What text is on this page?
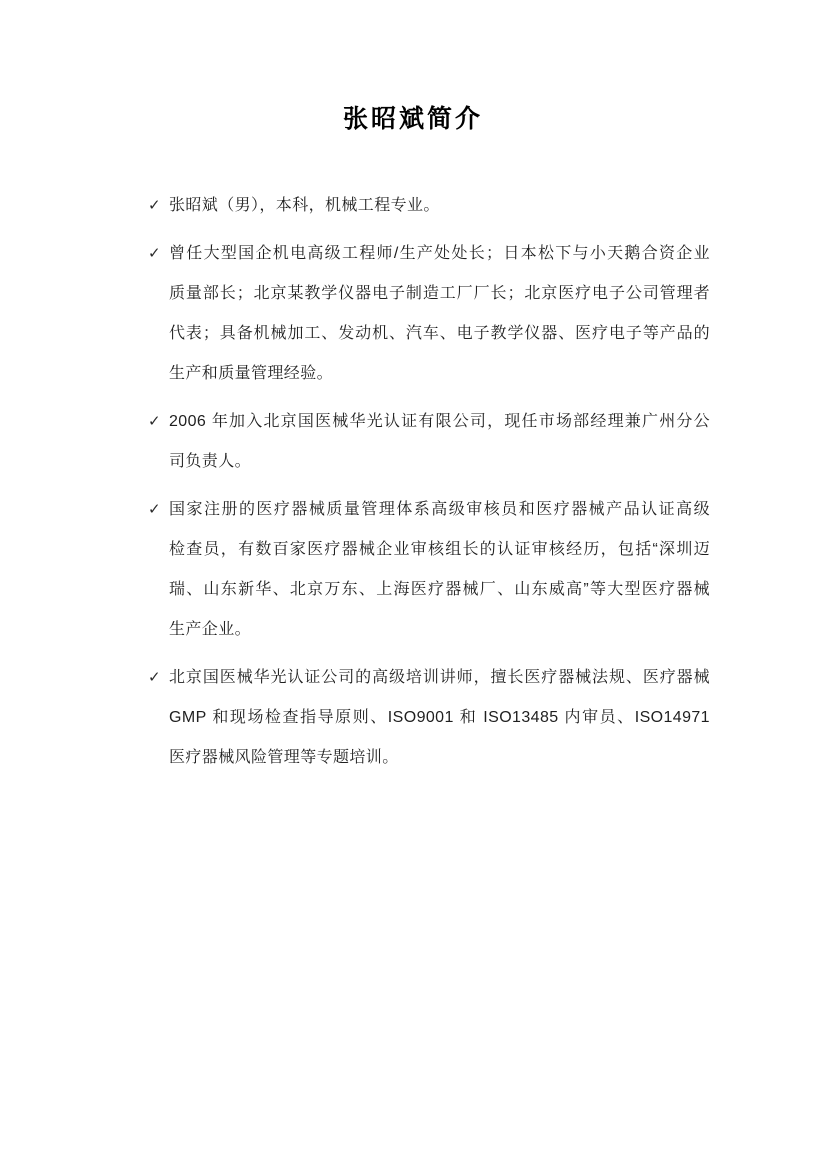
张昭斌简介
✓ 张昭斌（男），本科，机械工程专业。
✓ 曾任大型国企机电高级工程师/生产处处长；日本松下与小天鹅合资企业
质量部长；北京某教学仪器电子制造工厂厂长；北京医疗电子公司管理者
代表；具备机械加工、发动机、汽车、电子教学仪器、医疗电子等产品的
生产和质量管理经验。
✓ 2006 年加入北京国医械华光认证有限公司，现任市场部经理兼广州分公
司负责人。
✓ 国家注册的医疗器械质量管理体系高级审核员和医疗器械产品认证高级
检查员，有数百家医疗器械企业审核组长的认证审核经历，包括“深圳迈
瑞、山东新华、北京万东、上海医疗器械厂、山东威高”等大型医疗器械
生产企业。
✓ 北京国医械华光认证公司的高级培训讲师，擅长医疗器械法规、医疗器械
GMP 和现场检查指导原则、ISO9001 和 ISO13485 内审员、ISO14971
医疗器械风险管理等专题培训。
